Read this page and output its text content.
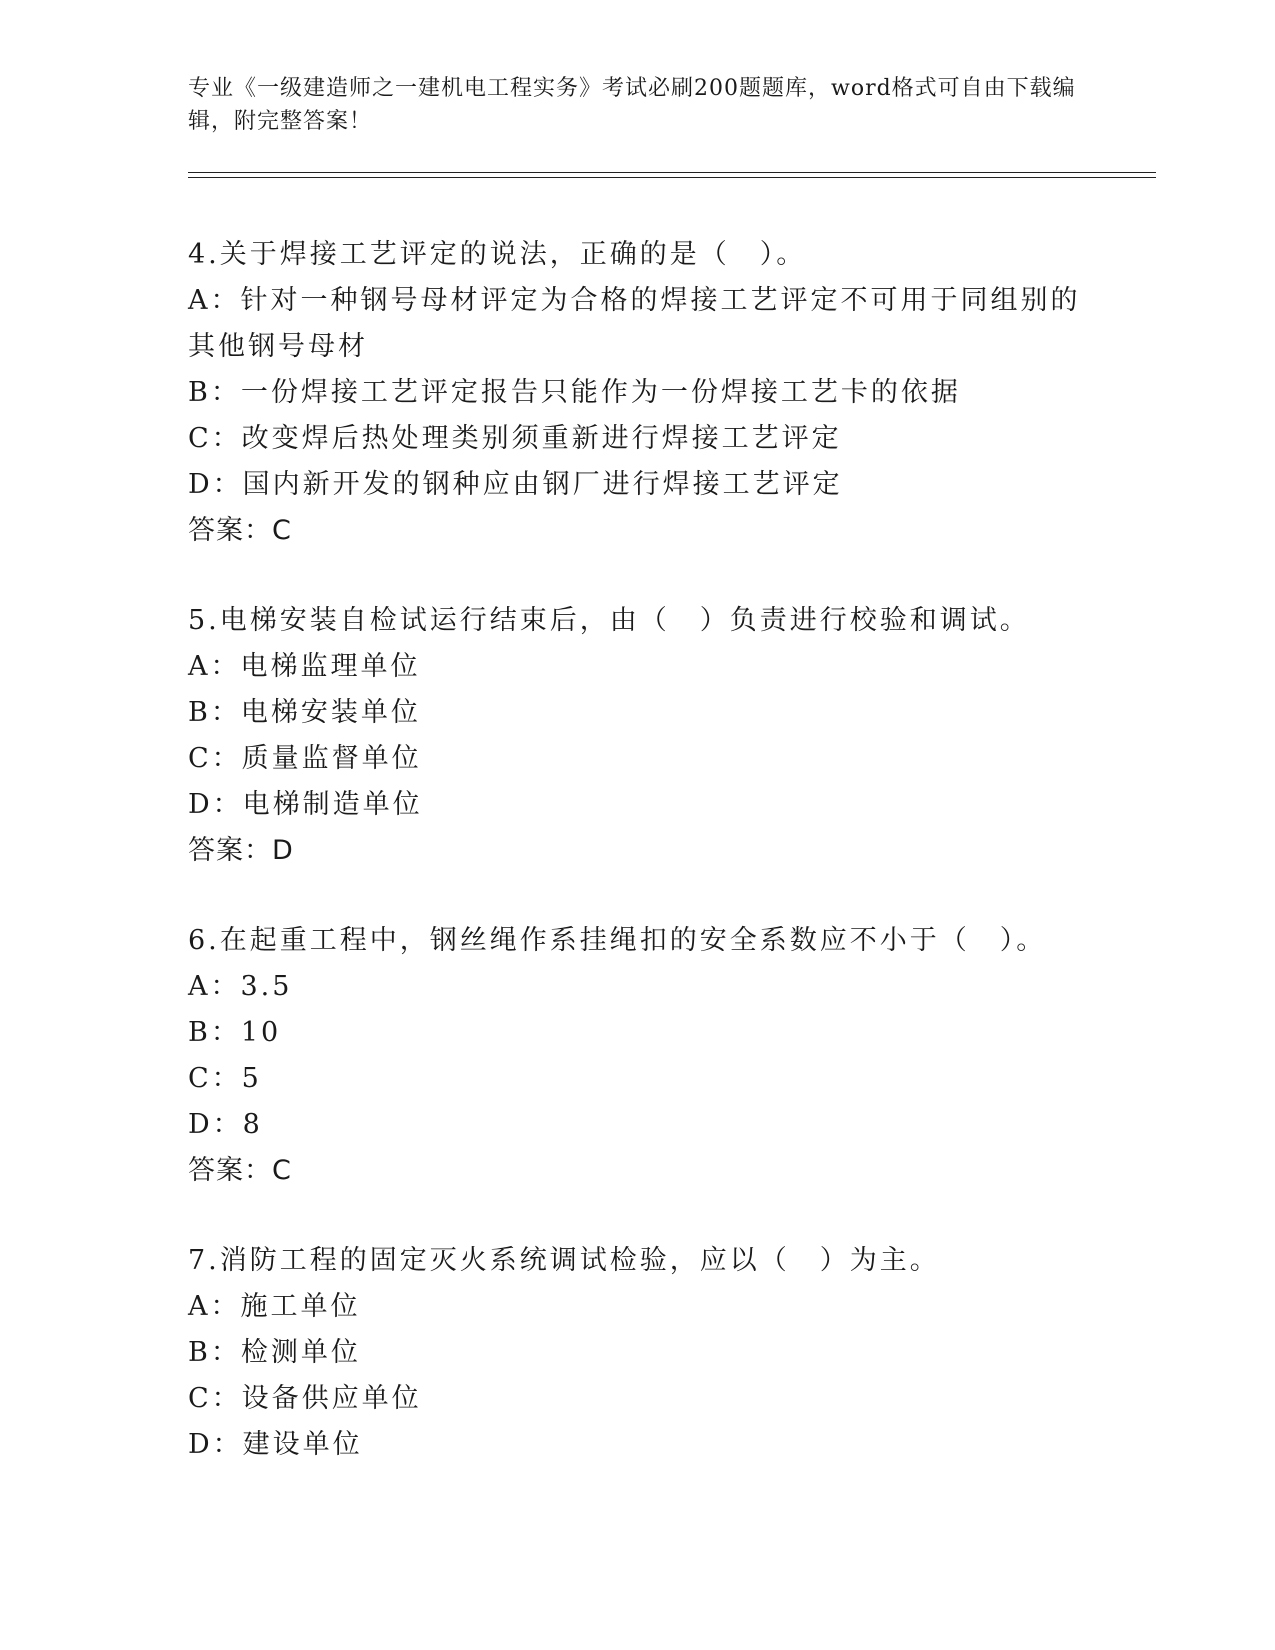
专业《一级建造师之一建机电工程实务》考试必刷200题题库，word格式可自由下载编辑，附完整答案！
4.关于焊接工艺评定的说法，正确的是（　）。
A：针对一种钢号母材评定为合格的焊接工艺评定不可用于同组别的其他钢号母材
B：一份焊接工艺评定报告只能作为一份焊接工艺卡的依据
C：改变焊后热处理类别须重新进行焊接工艺评定
D：国内新开发的钢种应由钢厂进行焊接工艺评定
答案：C
5.电梯安装自检试运行结束后，由（　）负责进行校验和调试。
A：电梯监理单位
B：电梯安装单位
C：质量监督单位
D：电梯制造单位
答案：D
6.在起重工程中，钢丝绳作系挂绳扣的安全系数应不小于（　）。
A：3.5
B：10
C：5
D：8
答案：C
7.消防工程的固定灭火系统调试检验，应以（　）为主。
A：施工单位
B：检测单位
C：设备供应单位
D：建设单位
